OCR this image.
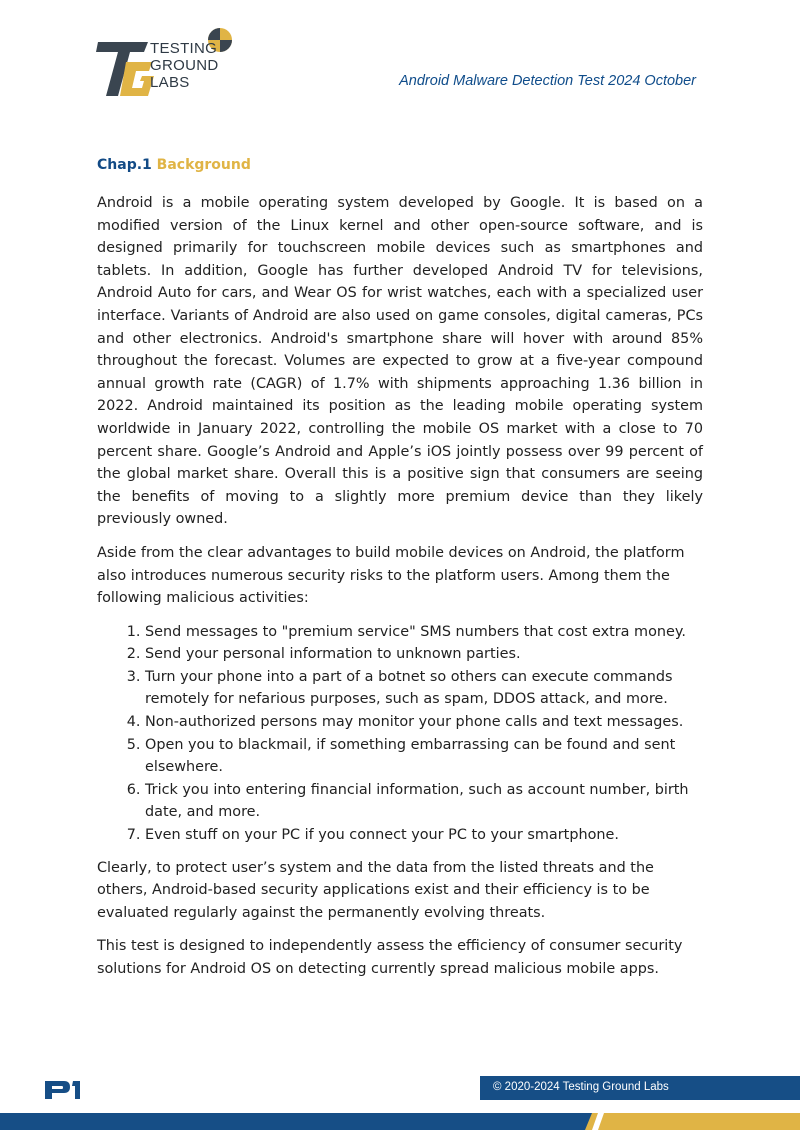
TESTING
GROUND
LABS	Android Malware Detection Test 2024 October
Chap.1 Background

Android is a mobile operating system developed by Google. It is based on a modified version of the Linux kernel and other open-source software, and is designed primarily for touchscreen mobile devices such as smartphones and tablets. In addition, Google has further developed Android TV for televisions, Android Auto for cars, and Wear OS for wrist watches, each with a specialized user interface. Variants of Android are also used on game consoles, digital cameras, PCs and other electronics. Android's smartphone share will hover with around 85% throughout the forecast. Volumes are expected to grow at a five-year compound annual growth rate (CAGR) of 1.7% with shipments approaching 1.36 billion in 2022. Android maintained its position as the leading mobile operating system worldwide in January 2022, controlling the mobile OS market with a close to 70 percent share. Google’s Android and Apple’s iOS jointly possess over 99 percent of the global market share. Overall this is a positive sign that consumers are seeing the benefits of moving to a slightly more premium device than they likely previously owned.

Aside from the clear advantages to build mobile devices on Android, the platform also introduces numerous security risks to the platform users. Among them the following malicious activities:

1. Send messages to "premium service" SMS numbers that cost extra money.
2. Send your personal information to unknown parties.
3. Turn your phone into a part of a botnet so others can execute commands remotely for nefarious purposes, such as spam, DDOS attack, and more.
4. Non-authorized persons may monitor your phone calls and text messages.
5. Open you to blackmail, if something embarrassing can be found and sent elsewhere.
6. Trick you into entering financial information, such as account number, birth date, and more.
7. Even stuff on your PC if you connect your PC to your smartphone.

Clearly, to protect user’s system and the data from the listed threats and the others, Android-based security applications exist and their efficiency is to be evaluated regularly against the permanently evolving threats.

This test is designed to independently assess the efficiency of consumer security solutions for Android OS on detecting currently spread malicious mobile apps.

© 2020-2024 Testing Ground Labs
